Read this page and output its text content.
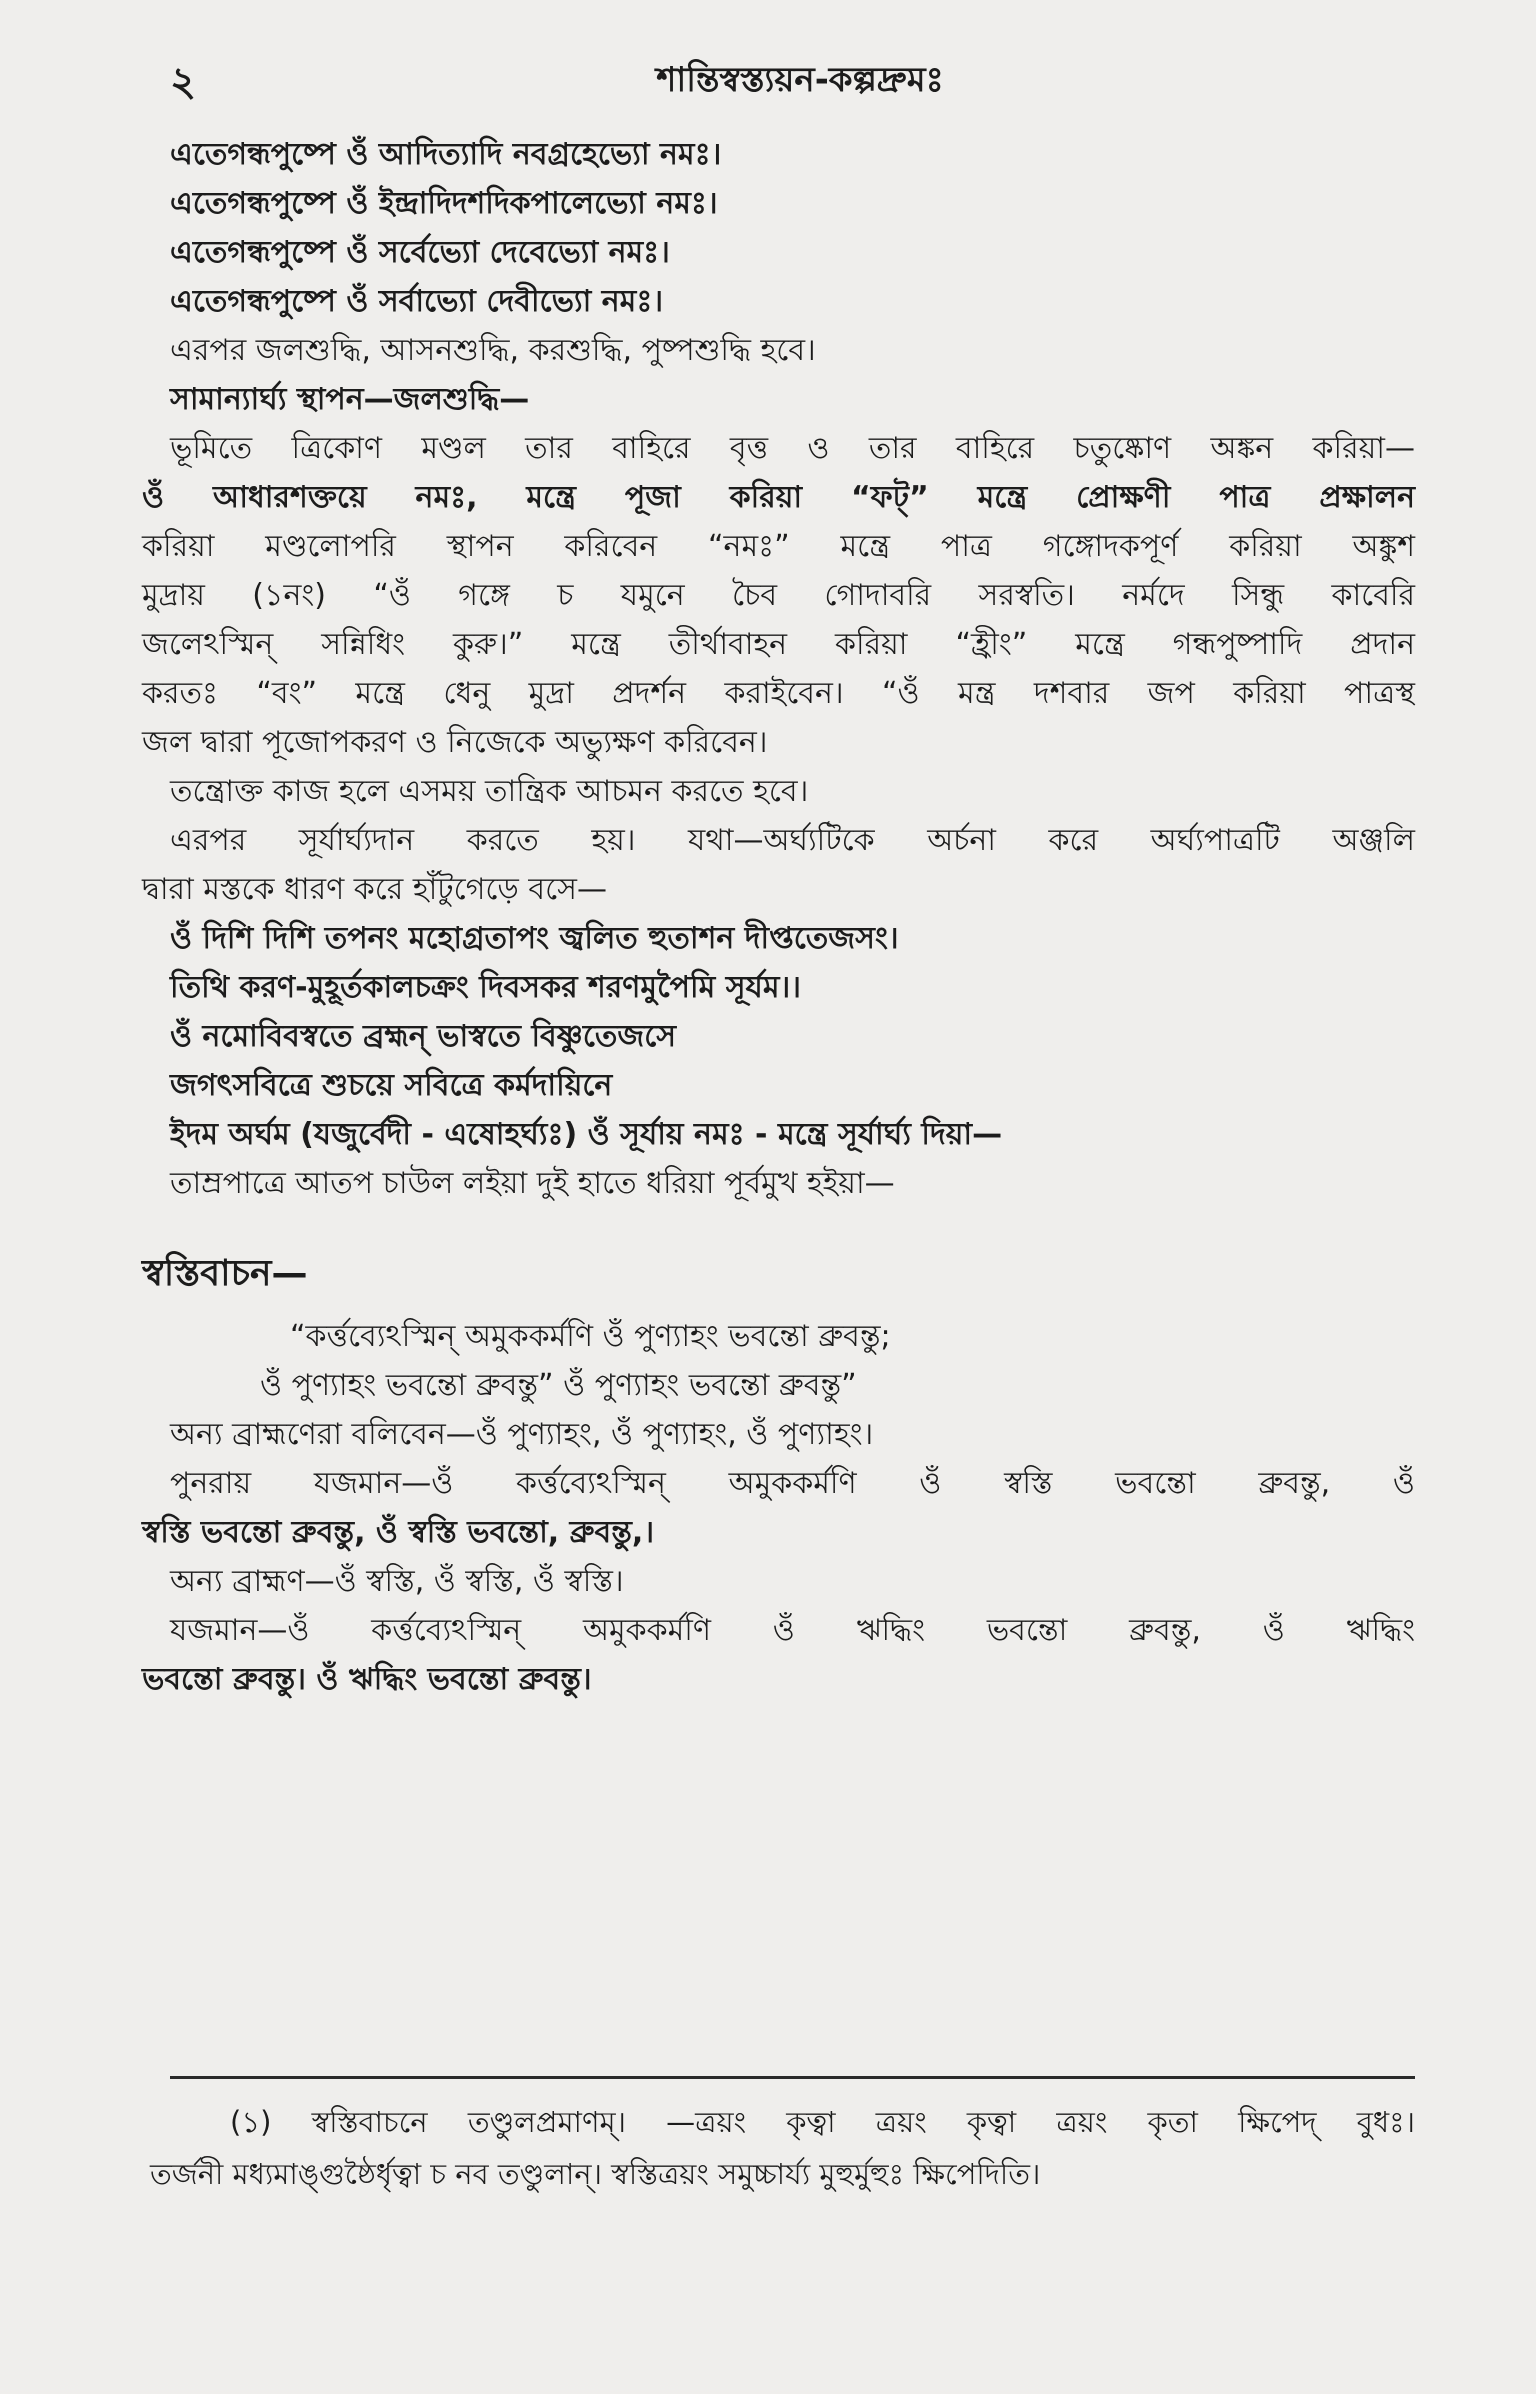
২	শান্তিস্বস্ত্যয়ন-কল্পদ্রুমঃ
এতেগন্ধপুষ্পে ওঁ আদিত্যাদি নবগ্রহেভ্যো নমঃ।
এতেগন্ধপুষ্পে ওঁ ইন্দ্রাদিদশদিকপালেভ্যো নমঃ।
এতেগন্ধপুষ্পে ওঁ সর্বেভ্যো দেবেভ্যো নমঃ।
এতেগন্ধপুষ্পে ওঁ সর্বাভ্যো দেবীভ্যো নমঃ।
এরপর জলশুদ্ধি, আসনশুদ্ধি, করশুদ্ধি, পুষ্পশুদ্ধি হবে।
সামান্যার্ঘ্য স্থাপন—জলশুদ্ধি—
ভূমিতে ত্রিকোণ মণ্ডল তার বাহিরে বৃত্ত ও তার বাহিরে চতুষ্কোণ অঙ্কন করিয়া—
ওঁ আধারশক্তয়ে নমঃ, মন্ত্রে পূজা করিয়া “ফট্” মন্ত্রে প্রোক্ষণী পাত্র প্রক্ষালন
করিয়া মণ্ডলোপরি স্থাপন করিবেন “নমঃ” মন্ত্রে পাত্র গঙ্গোদকপূর্ণ করিয়া অঙ্কুশ
মুদ্রায় (১নং) “ওঁ গঙ্গে চ যমুনে চৈব গোদাবরি সরস্বতি। নর্মদে সিন্ধু কাবেরি
জলেঽস্মিন্ সন্নিধিং কুরু।” মন্ত্রে তীর্থাবাহন করিয়া “হ্রীং” মন্ত্রে গন্ধপুষ্পাদি প্রদান
করতঃ “বং” মন্ত্রে ধেনু মুদ্রা প্রদর্শন করাইবেন। “ওঁ মন্ত্র দশবার জপ করিয়া পাত্রস্থ
জল দ্বারা পূজোপকরণ ও নিজেকে অভ্যুক্ষণ করিবেন।
তন্ত্রোক্ত কাজ হলে এসময় তান্ত্রিক আচমন করতে হবে।
এরপর সূর্যার্ঘ্যদান করতে হয়। যথা—অর্ঘ্যটিকে অর্চনা করে অর্ঘ্যপাত্রটি অঞ্জলি
দ্বারা মস্তকে ধারণ করে হাঁটুগেড়ে বসে—
ওঁ দিশি দিশি তপনং মহোগ্রতাপং জ্বলিত হুতাশন দীপ্ততেজসং।
তিথি করণ-মুহূর্তকালচক্রং দিবসকর শরণমুপৈমি সূর্যম।।
ওঁ নমোবিবস্বতে ব্রহ্মন্ ভাস্বতে বিষ্ণুতেজসে
জগৎসবিত্রে শুচয়ে সবিত্রে কর্মদায়িনে
ইদম অর্ঘম (যজুর্বেদী - এষোহর্ঘ্যঃ) ওঁ সূর্যায় নমঃ - মন্ত্রে সূর্যার্ঘ্য দিয়া—
তাম্রপাত্রে আতপ চাউল লইয়া দুই হাতে ধরিয়া পূর্বমুখ হইয়া—
স্বস্তিবাচন—
“কর্ত্তব্যেঽস্মিন্ অমুককর্মণি ওঁ পুণ্যাহং ভবন্তো ব্রুবন্তু;
ওঁ পুণ্যাহং ভবন্তো ব্রুবন্তু” ওঁ পুণ্যাহং ভবন্তো ব্রুবন্তু”
অন্য ব্রাহ্মণেরা বলিবেন—ওঁ পুণ্যাহং, ওঁ পুণ্যাহং, ওঁ পুণ্যাহং।
পুনরায় যজমান—ওঁ কর্ত্তব্যেঽস্মিন্ অমুককর্মণি ওঁ স্বস্তি ভবন্তো ব্রুবন্তু, ওঁ
স্বস্তি ভবন্তো ব্রুবন্তু, ওঁ স্বস্তি ভবন্তো, ব্রুবন্তু,।
অন্য ব্রাহ্মণ—ওঁ স্বস্তি, ওঁ স্বস্তি, ওঁ স্বস্তি।
যজমান—ওঁ কর্ত্তব্যেঽস্মিন্ অমুককর্মণি ওঁ ঋদ্ধিং ভবন্তো ব্রুবন্তু, ওঁ ঋদ্ধিং
ভবন্তো ব্রুবন্তু। ওঁ ঋদ্ধিং ভবন্তো ব্রুবন্তু।
(১) স্বস্তিবাচনে তণ্ডুলপ্রমাণম্। —ত্রয়ং কৃত্বা ত্রয়ং কৃত্বা ত্রয়ং কৃতা ক্ষিপেদ্ বুধঃ।
তর্জনী মধ্যমাঙ্গুষ্ঠৈর্ধৃত্বা চ নব তণ্ডুলান্। স্বস্তিত্রয়ং সমুচ্চার্য্য মুহুর্মুহুঃ ক্ষিপেদিতি।
